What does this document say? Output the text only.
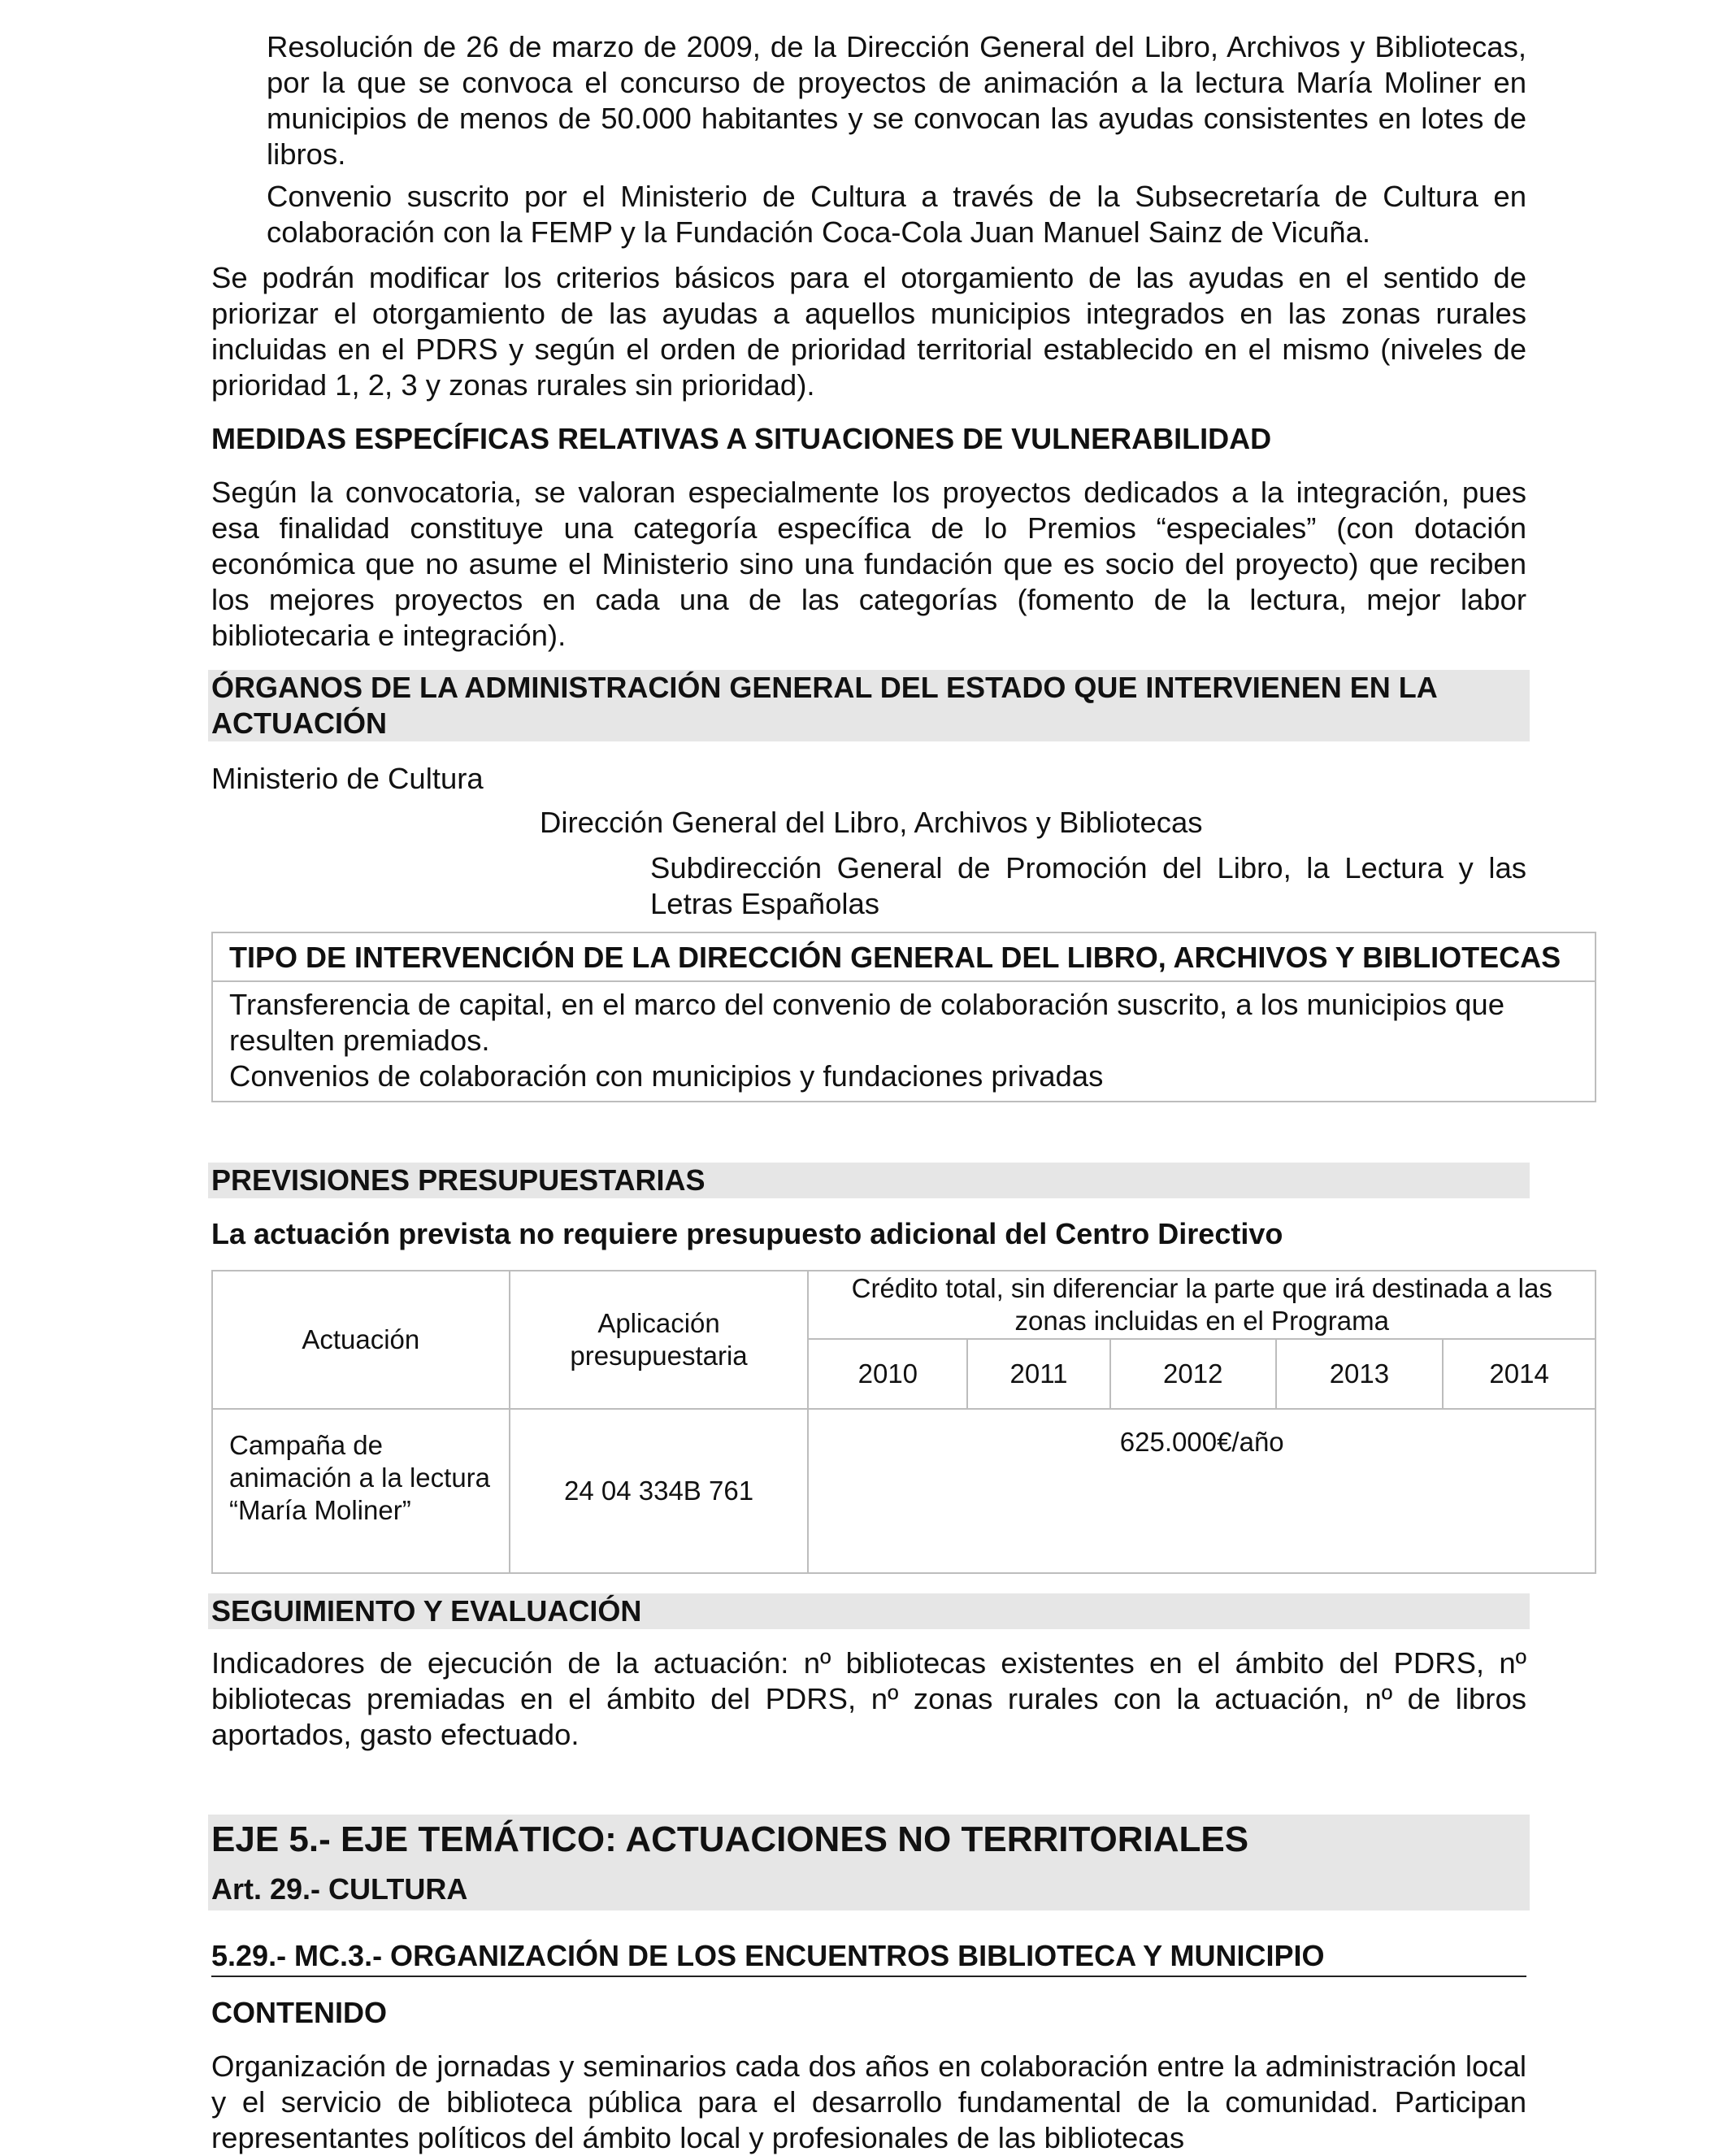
Resolución de 26 de marzo de 2009, de la Dirección General del Libro, Archivos y Bibliotecas, por la que se convoca el concurso de proyectos de animación a la lectura María Moliner en municipios de menos de 50.000 habitantes y se convocan las ayudas consistentes en lotes de libros.

Convenio suscrito por el Ministerio de Cultura a través de la Subsecretaría de Cultura en colaboración con la FEMP y la Fundación Coca-Cola Juan Manuel Sainz de Vicuña.

Se podrán modificar los criterios básicos para el otorgamiento de las ayudas en el sentido de priorizar el otorgamiento de las ayudas a aquellos municipios integrados en las zonas rurales incluidas en el PDRS y según el orden de prioridad territorial establecido en el mismo (niveles de prioridad 1, 2, 3 y zonas rurales sin prioridad).

MEDIDAS ESPECÍFICAS RELATIVAS A SITUACIONES DE VULNERABILIDAD

Según la convocatoria, se valoran especialmente los proyectos dedicados a la integración, pues esa finalidad constituye una categoría específica de lo Premios “especiales” (con dotación económica que no asume el Ministerio sino una fundación que es socio del proyecto) que reciben los mejores proyectos en cada una de las categorías (fomento de la lectura, mejor labor bibliotecaria e integración).

ÓRGANOS DE LA ADMINISTRACIÓN GENERAL DEL ESTADO QUE INTERVIENEN EN LA ACTUACIÓN

Ministerio de Cultura

Dirección General del Libro, Archivos y Bibliotecas

Subdirección General de Promoción del Libro, la Lectura y las Letras Españolas

TIPO DE INTERVENCIÓN DE LA DIRECCIÓN GENERAL DEL LIBRO, ARCHIVOS Y BIBLIOTECAS
Transferencia de capital, en el marco del convenio de colaboración suscrito, a los municipios que resulten premiados.
Convenios de colaboración con municipios y fundaciones privadas

PREVISIONES PRESUPUESTARIAS

La actuación prevista no requiere presupuesto adicional del Centro Directivo

Actuación	Aplicación presupuestaria	Crédito total, sin diferenciar la parte que irá destinada a las zonas incluidas en el Programa				

		2010	2011	2012	2013	2014
Campaña de animación a la lectura “María Moliner”	24 04 334B 761	625.000€/año				

SEGUIMIENTO Y EVALUACIÓN

Indicadores de ejecución de la actuación: nº bibliotecas existentes en el ámbito del PDRS, nº bibliotecas premiadas en el ámbito del PDRS, nº zonas rurales con la actuación, nº de libros aportados, gasto efectuado.

EJE 5.- EJE TEMÁTICO: ACTUACIONES NO TERRITORIALES

Art. 29.- CULTURA

5.29.- MC.3.- ORGANIZACIÓN DE LOS ENCUENTROS BIBLIOTECA Y MUNICIPIO

CONTENIDO

Organización de jornadas y seminarios cada dos años en colaboración entre la administración local y el servicio de biblioteca pública para el desarrollo fundamental de la comunidad. Participan representantes políticos del ámbito local y profesionales de las bibliotecas
